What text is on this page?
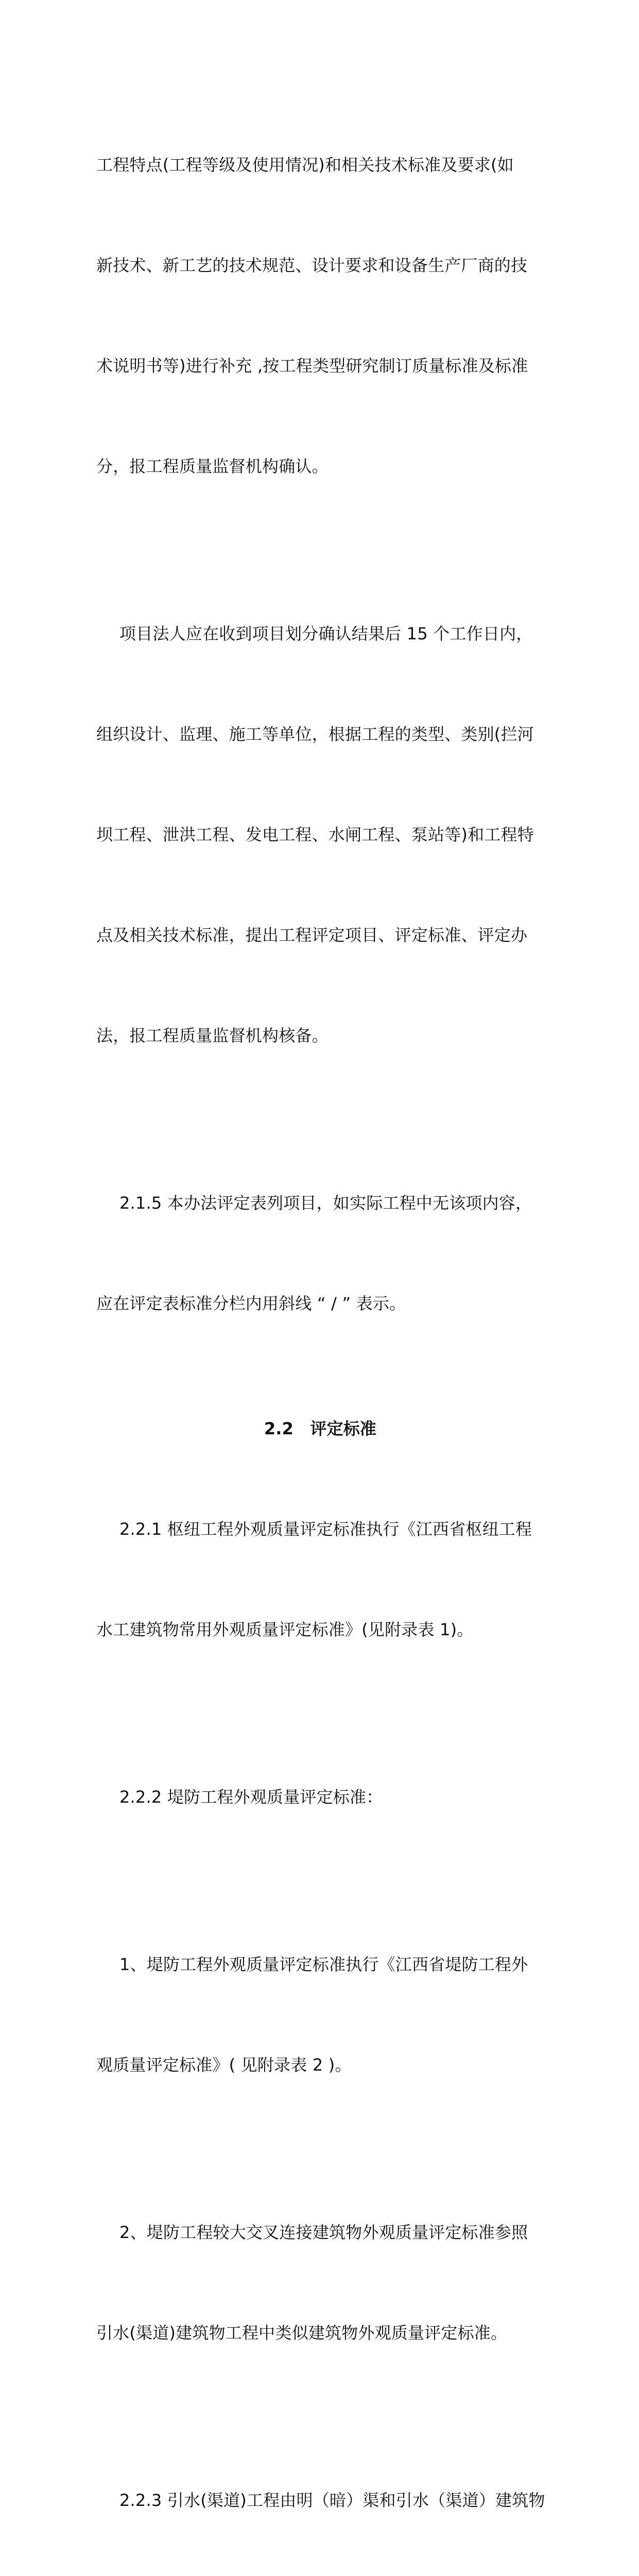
工程特点(工程等级及使用情况)和相关技术标准及要求(如

新技术、新工艺的技术规范、设计要求和设备生产厂商的技

术说明书等)进行补充 ,按工程类型研究制订质量标准及标准

分，报工程质量监督机构确认。

项目法人应在收到项目划分确认结果后 15 个工作日内，

组织设计、监理、施工等单位，根据工程的类型、类别(拦河

坝工程、泄洪工程、发电工程、水闸工程、泵站等)和工程特

点及相关技术标准，提出工程评定项目、评定标准、评定办

法，报工程质量监督机构核备。

2.1.5 本办法评定表列项目，如实际工程中无该项内容，

应在评定表标准分栏内用斜线 “ / ” 表示。

2.2　评定标准

2.2.1 枢纽工程外观质量评定标准执行《江西省枢纽工程

水工建筑物常用外观质量评定标准》(见附录表 1)。

2.2.2 堤防工程外观质量评定标准：

1、堤防工程外观质量评定标准执行《江西省堤防工程外

观质量评定标准》( 见附录表 2 )。

2、堤防工程较大交叉连接建筑物外观质量评定标准参照

引水(渠道)建筑物工程中类似建筑物外观质量评定标准。

2.2.3 引水(渠道)工程由明（暗）渠和引水（渠道）建筑物
